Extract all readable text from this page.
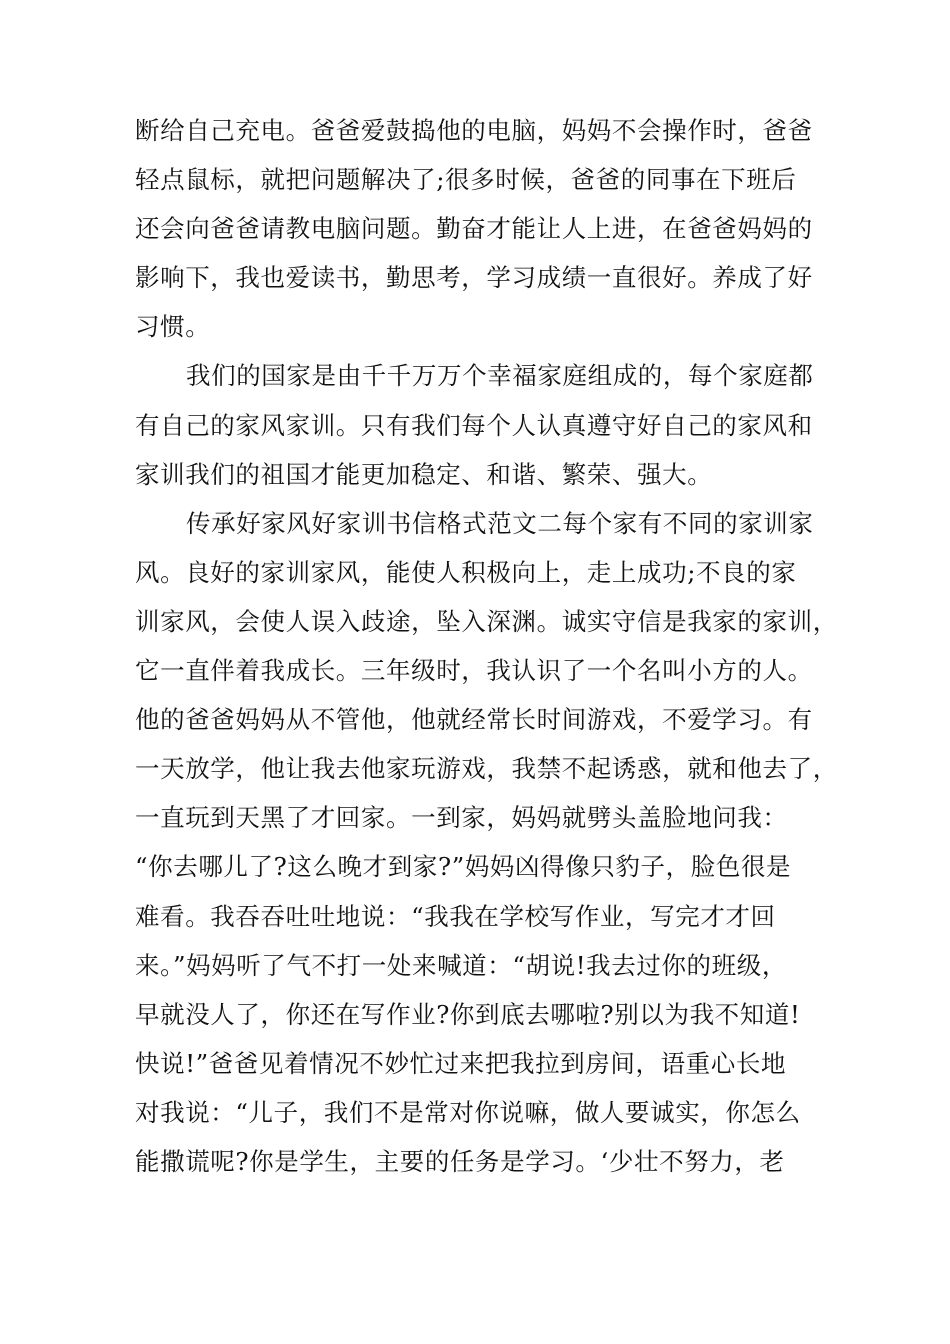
断给自己充电。爸爸爱鼓捣他的电脑，妈妈不会操作时，爸爸
轻点鼠标，就把问题解决了;很多时候，爸爸的同事在下班后
还会向爸爸请教电脑问题。勤奋才能让人上进，在爸爸妈妈的
影响下，我也爱读书，勤思考，学习成绩一直很好。养成了好
习惯。
我们的国家是由千千万万个幸福家庭组成的，每个家庭都
有自己的家风家训。只有我们每个人认真遵守好自己的家风和
家训我们的祖国才能更加稳定、和谐、繁荣、强大。
传承好家风好家训书信格式范文二每个家有不同的家训家
风。良好的家训家风，能使人积极向上，走上成功;不良的家
训家风，会使人误入歧途，坠入深渊。诚实守信是我家的家训，
它一直伴着我成长。三年级时，我认识了一个名叫小方的人。
他的爸爸妈妈从不管他，他就经常长时间游戏，不爱学习。有
一天放学，他让我去他家玩游戏，我禁不起诱惑，就和他去了，
一直玩到天黑了才回家。一到家，妈妈就劈头盖脸地问我：
“你去哪儿了?这么晚才到家?”妈妈凶得像只豹子，脸色很是
难看。我吞吞吐吐地说：“我我在学校写作业，写完才才回
来。”妈妈听了气不打一处来喊道：“胡说!我去过你的班级，
早就没人了，你还在写作业?你到底去哪啦?别以为我不知道!
快说!”爸爸见着情况不妙忙过来把我拉到房间，语重心长地
对我说：“儿子，我们不是常对你说嘛，做人要诚实，你怎么
能撒谎呢?你是学生，主要的任务是学习。‘少壮不努力，老
